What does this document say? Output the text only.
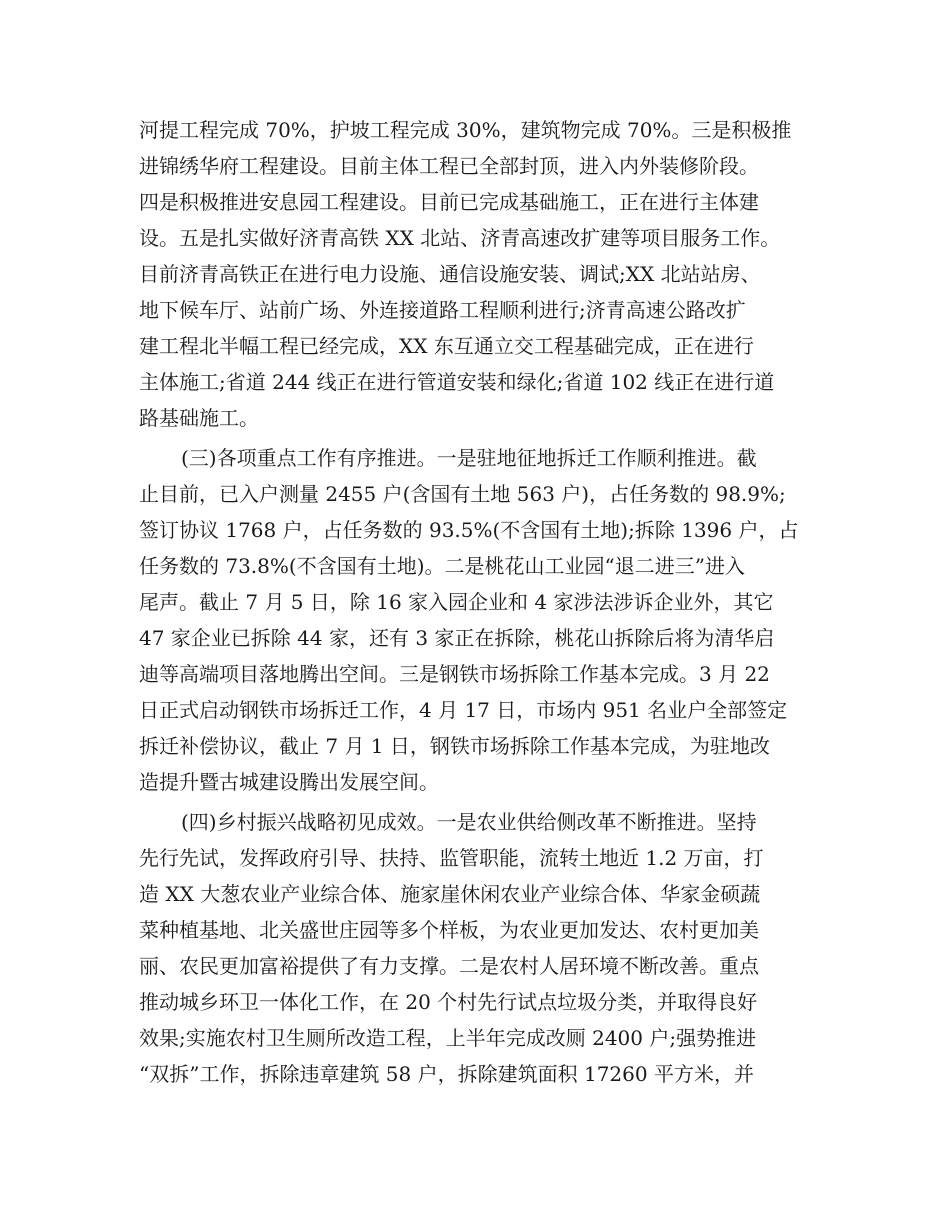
河提工程完成 70%，护坡工程完成 30%，建筑物完成 70%。三是积极推
进锦绣华府工程建设。目前主体工程已全部封顶，进入内外装修阶段。
四是积极推进安息园工程建设。目前已完成基础施工，正在进行主体建
设。五是扎实做好济青高铁 XX 北站、济青高速改扩建等项目服务工作。
目前济青高铁正在进行电力设施、通信设施安装、调试;XX 北站站房、
地下候车厅、站前广场、外连接道路工程顺利进行;济青高速公路改扩
建工程北半幅工程已经完成，XX 东互通立交工程基础完成，正在进行
主体施工;省道 244 线正在进行管道安装和绿化;省道 102 线正在进行道
路基础施工。
(三)各项重点工作有序推进。一是驻地征地拆迁工作顺利推进。截
止目前，已入户测量 2455 户(含国有土地 563 户)，占任务数的 98.9%;
签订协议 1768 户，占任务数的 93.5%(不含国有土地);拆除 1396 户，占
任务数的 73.8%(不含国有土地)。二是桃花山工业园“退二进三”进入
尾声。截止 7 月 5 日，除 16 家入园企业和 4 家涉法涉诉企业外，其它
47 家企业已拆除 44 家，还有 3 家正在拆除，桃花山拆除后将为清华启
迪等高端项目落地腾出空间。三是钢铁市场拆除工作基本完成。3 月 22
日正式启动钢铁市场拆迁工作，4 月 17 日，市场内 951 名业户全部签定
拆迁补偿协议，截止 7 月 1 日，钢铁市场拆除工作基本完成，为驻地改
造提升暨古城建设腾出发展空间。
(四)乡村振兴战略初见成效。一是农业供给侧改革不断推进。坚持
先行先试，发挥政府引导、扶持、监管职能，流转土地近 1.2 万亩，打
造 XX 大葱农业产业综合体、施家崖休闲农业产业综合体、华家金硕蔬
菜种植基地、北关盛世庄园等多个样板，为农业更加发达、农村更加美
丽、农民更加富裕提供了有力支撑。二是农村人居环境不断改善。重点
推动城乡环卫一体化工作，在 20 个村先行试点垃圾分类，并取得良好
效果;实施农村卫生厕所改造工程，上半年完成改厕 2400 户;强势推进
“双拆”工作，拆除违章建筑 58 户，拆除建筑面积 17260 平方米，并
